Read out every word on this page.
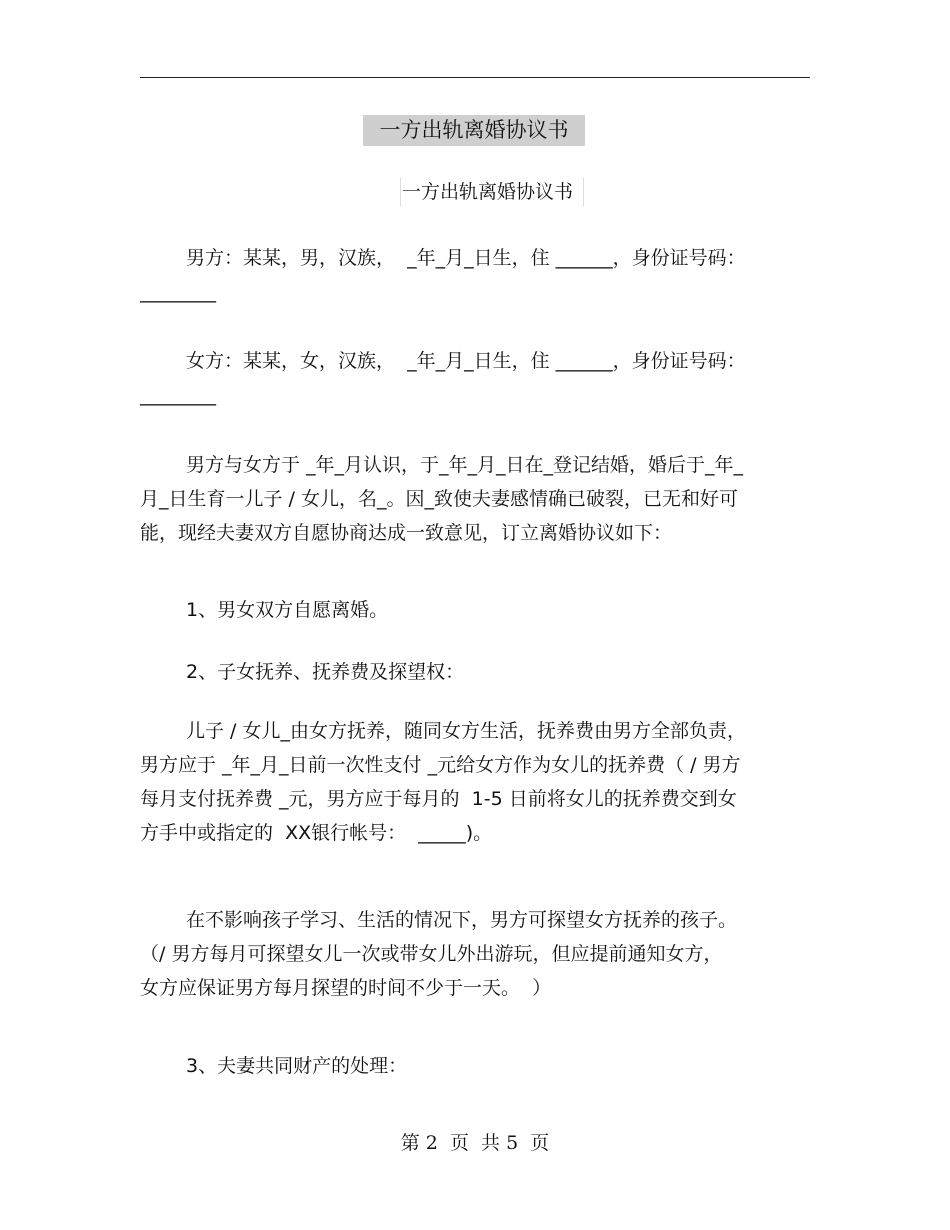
一方出轨离婚协议书
一方出轨离婚协议书
男方：某某，男，汉族，  _年_月_日生，住 ______，身份证号码：
________
女方：某某，女，汉族，  _年_月_日生，住 ______，身份证号码：
________
男方与女方于 _年_月认识，于_年_月_日在_登记结婚，婚后于_年_
月_日生育一儿子 / 女儿，名_。因_致使夫妻感情确已破裂，已无和好可
能，现经夫妻双方自愿协商达成一致意见，订立离婚协议如下：
1、男女双方自愿离婚。
2、子女抚养、抚养费及探望权：
儿子 / 女儿_由女方抚养，随同女方生活，抚养费由男方全部负责，
男方应于 _年_月_日前一次性支付 _元给女方作为女儿的抚养费（ / 男方
每月支付抚养费 _元，男方应于每月的  1-5 日前将女儿的抚养费交到女
方手中或指定的  XX银行帐号：  _____)。
在不影响孩子学习、生活的情况下，男方可探望女方抚养的孩子。
（/ 男方每月可探望女儿一次或带女儿外出游玩，但应提前通知女方，
女方应保证男方每月探望的时间不少于一天。  ）
3、夫妻共同财产的处理：
第 2  页  共 5  页
